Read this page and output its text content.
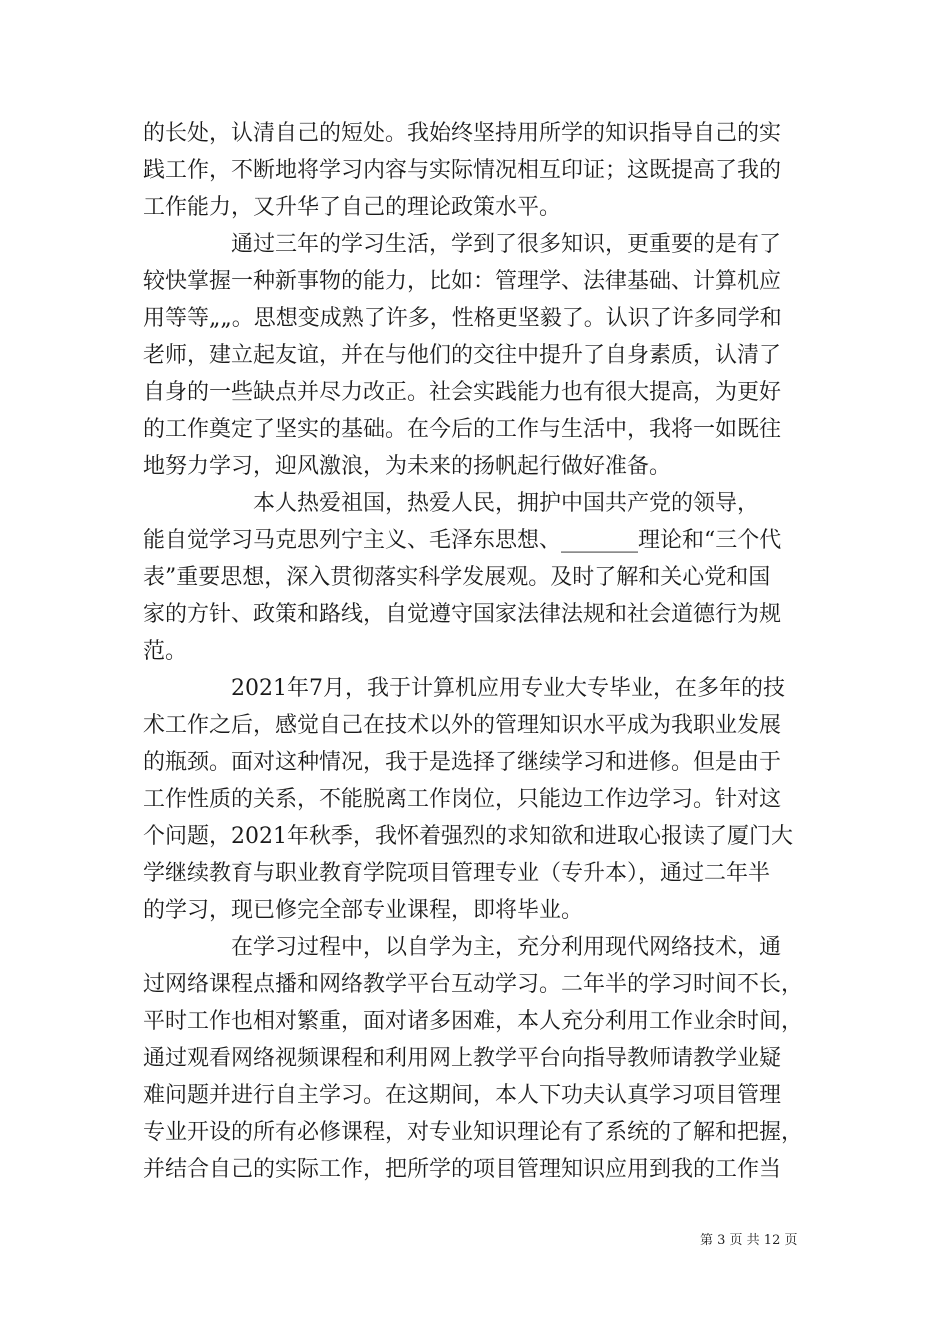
的长处，认清自己的短处。我始终坚持用所学的知识指导自己的实
践工作，不断地将学习内容与实际情况相互印证；这既提高了我的
工作能力，又升华了自己的理论政策水平。
　　　　通过三年的学习生活，学到了很多知识，更重要的是有了
较快掌握一种新事物的能力，比如：管理学、法律基础、计算机应
用等等„„。思想变成熟了许多，性格更坚毅了。认识了许多同学和
老师，建立起友谊，并在与他们的交往中提升了自身素质，认清了
自身的一些缺点并尽力改正。社会实践能力也有很大提高，为更好
的工作奠定了坚实的基础。在今后的工作与生活中，我将一如既往
地努力学习，迎风激浪，为未来的扬帆起行做好准备。
　　　　　本人热爱祖国，热爱人民，拥护中国共产党的领导，
能自觉学习马克思列宁主义、毛泽东思想、_______理论和“三个代
表”重要思想，深入贯彻落实科学发展观。及时了解和关心党和国
家的方针、政策和路线，自觉遵守国家法律法规和社会道德行为规
范。
　　　　2021年7月，我于计算机应用专业大专毕业，在多年的技
术工作之后，感觉自己在技术以外的管理知识水平成为我职业发展
的瓶颈。面对这种情况，我于是选择了继续学习和进修。但是由于
工作性质的关系，不能脱离工作岗位，只能边工作边学习。针对这
个问题，2021年秋季，我怀着强烈的求知欲和进取心报读了厦门大
学继续教育与职业教育学院项目管理专业（专升本），通过二年半
的学习，现已修完全部专业课程，即将毕业。
　　　　在学习过程中，以自学为主，充分利用现代网络技术，通
过网络课程点播和网络教学平台互动学习。二年半的学习时间不长，
平时工作也相对繁重，面对诸多困难，本人充分利用工作业余时间，
通过观看网络视频课程和利用网上教学平台向指导教师请教学业疑
难问题并进行自主学习。在这期间，本人下功夫认真学习项目管理
专业开设的所有必修课程，对专业知识理论有了系统的了解和把握，
并结合自己的实际工作，把所学的项目管理知识应用到我的工作当
第 3 页 共 12 页
